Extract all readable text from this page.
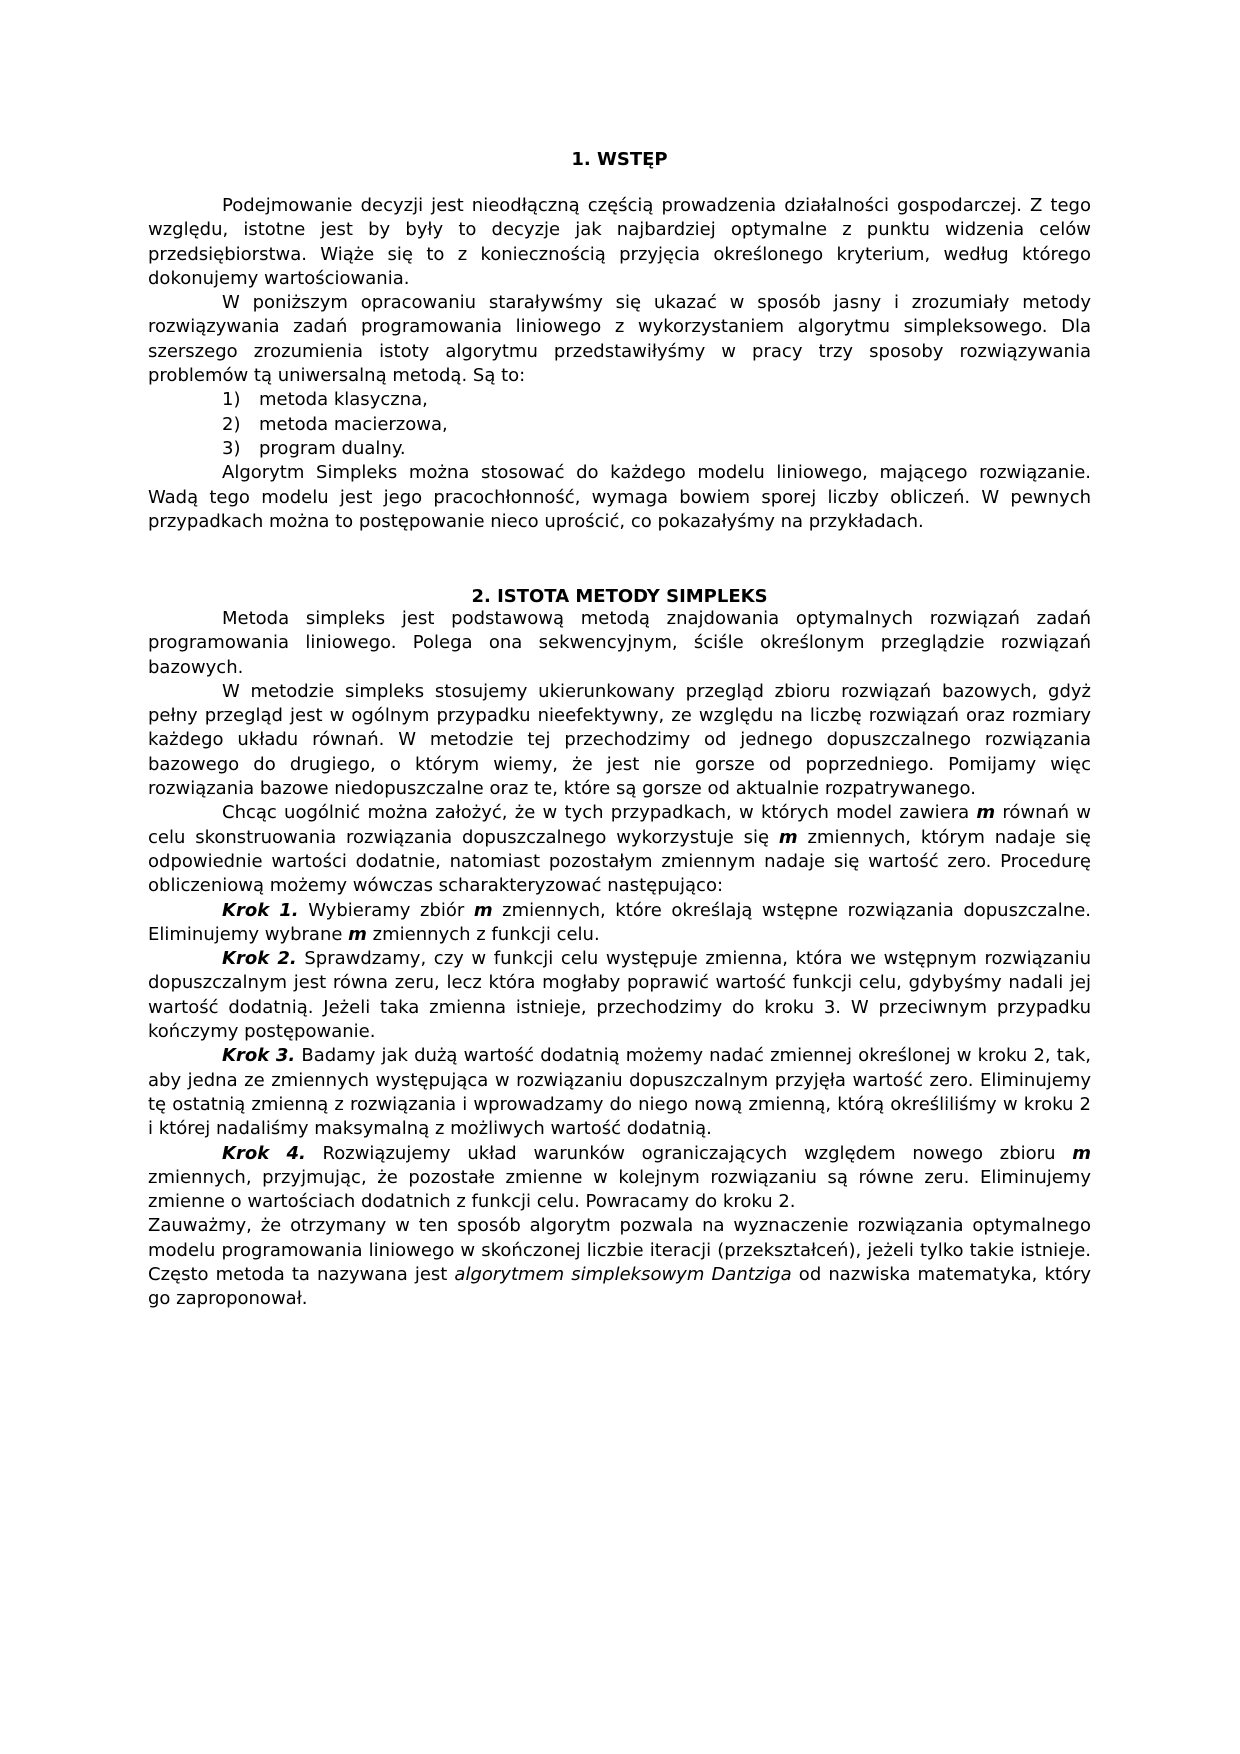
1. WSTĘP

Podejmowanie decyzji jest nieodłączną częścią prowadzenia działalności gospodarczej. Z tego względu, istotne jest by były to decyzje jak najbardziej optymalne z punktu widzenia celów przedsiębiorstwa. Wiąże się to z koniecznością przyjęcia określonego kryterium, według którego dokonujemy wartościowania.

W poniższym opracowaniu staraływśmy się ukazać w sposób jasny i zrozumiały metody rozwiązywania zadań programowania liniowego z wykorzystaniem algorytmu simpleksowego. Dla szerszego zrozumienia istoty algorytmu przedstawiłyśmy w pracy trzy sposoby rozwiązywania problemów tą uniwersalną metodą. Są to:

1) metoda klasyczna,
2) metoda macierzowa,
3) program dualny.

Algorytm Simpleks można stosować do każdego modelu liniowego, mającego rozwiązanie. Wadą tego modelu jest jego pracochłonność, wymaga bowiem sporej liczby obliczeń. W pewnych przypadkach można to postępowanie nieco uprościć, co pokazałyśmy na przykładach.

2. ISTOTA METODY SIMPLEKS

Metoda simpleks jest podstawową metodą znajdowania optymalnych rozwiązań zadań programowania liniowego. Polega ona sekwencyjnym, ściśle określonym przeglądzie rozwiązań bazowych.

W metodzie simpleks stosujemy ukierunkowany przegląd zbioru rozwiązań bazowych, gdyż pełny przegląd jest w ogólnym przypadku nieefektywny, ze względu na liczbę rozwiązań oraz rozmiary każdego układu równań. W metodzie tej przechodzimy od jednego dopuszczalnego rozwiązania bazowego do drugiego, o którym wiemy, że jest nie gorsze od poprzedniego. Pomijamy więc rozwiązania bazowe niedopuszczalne oraz te, które są gorsze od aktualnie rozpatrywanego.

Chcąc uogólnić można założyć, że w tych przypadkach, w których model zawiera m równań w celu skonstruowania rozwiązania dopuszczalnego wykorzystuje się m zmiennych, którym nadaje się odpowiednie wartości dodatnie, natomiast pozostałym zmiennym nadaje się wartość zero. Procedurę obliczeniową możemy wówczas scharakteryzować następująco:

Krok 1. Wybieramy zbiór m zmiennych, które określają wstępne rozwiązania dopuszczalne. Eliminujemy wybrane m zmiennych z funkcji celu.

Krok 2. Sprawdzamy, czy w funkcji celu występuje zmienna, która we wstępnym rozwiązaniu dopuszczalnym jest równa zeru, lecz która mogłaby poprawić wartość funkcji celu, gdybyśmy nadali jej wartość dodatnią. Jeżeli taka zmienna istnieje, przechodzimy do kroku 3. W przeciwnym przypadku kończymy postępowanie.

Krok 3. Badamy jak dużą wartość dodatnią możemy nadać zmiennej określonej w kroku 2, tak, aby jedna ze zmiennych występująca w rozwiązaniu dopuszczalnym przyjęła wartość zero. Eliminujemy tę ostatnią zmienną z rozwiązania i wprowadzamy do niego nową zmienną, którą określiliśmy w kroku 2 i której nadaliśmy maksymalną z możliwych wartość dodatnią.

Krok 4. Rozwiązujemy układ warunków ograniczających względem nowego zbioru m zmiennych, przyjmując, że pozostałe zmienne w kolejnym rozwiązaniu są równe zeru. Eliminujemy zmienne o wartościach dodatnich z funkcji celu. Powracamy do kroku 2.

Zauważmy, że otrzymany w ten sposób algorytm pozwala na wyznaczenie rozwiązania optymalnego modelu programowania liniowego w skończonej liczbie iteracji (przekształceń), jeżeli tylko takie istnieje. Często metoda ta nazywana jest algorytmem simpleksowym Dantziga od nazwiska matematyka, który go zaproponował.
